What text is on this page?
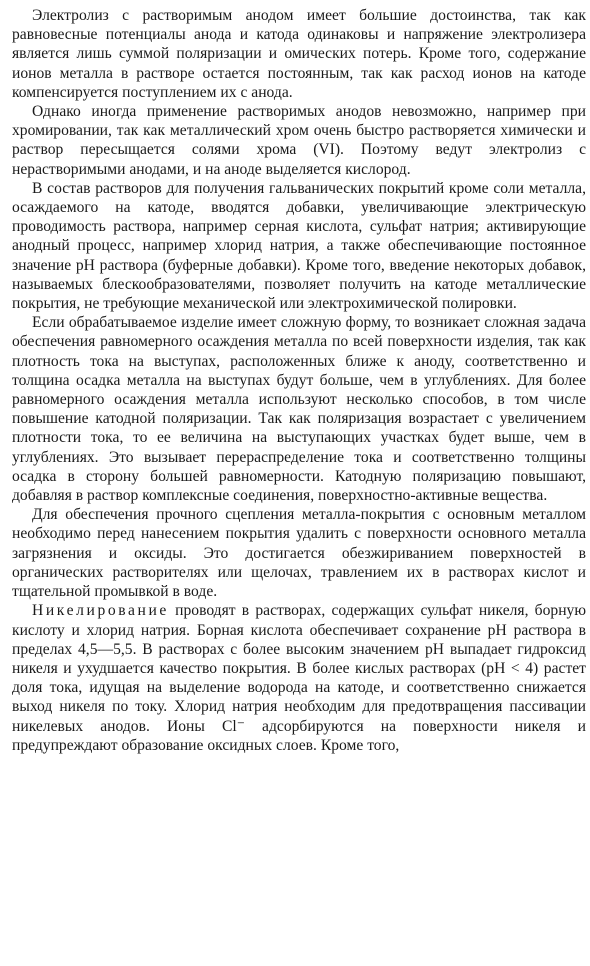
Электролиз с растворимым анодом имеет большие достоинства, так как равновесные потенциалы анода и катода одинаковы и напряжение электролизера является лишь суммой поляризации и омических потерь. Кроме того, содержание ионов металла в растворе остается постоянным, так как расход ионов на катоде компенсируется поступлением их с анода.

Однако иногда применение растворимых анодов невозможно, например при хромировании, так как металлический хром очень быстро растворяется химически и раствор пересыщается солями хрома (VI). Поэтому ведут электролиз с нерастворимыми анодами, и на аноде выделяется кислород.

В состав растворов для получения гальванических покрытий кроме соли металла, осаждаемого на катоде, вводятся добавки, увеличивающие электрическую проводимость раствора, например серная кислота, сульфат натрия; активирующие анодный процесс, например хлорид натрия, а также обеспечивающие постоянное значение pH раствора (буферные добавки). Кроме того, введение некоторых добавок, называемых блескообразователями, позволяет получить на катоде металлические покрытия, не требующие механической или электрохимической полировки.

Если обрабатываемое изделие имеет сложную форму, то возникает сложная задача обеспечения равномерного осаждения металла по всей поверхности изделия, так как плотность тока на выступах, расположенных ближе к аноду, соответственно и толщина осадка металла на выступах будут больше, чем в углублениях. Для более равномерного осаждения металла используют несколько способов, в том числе повышение катодной поляризации. Так как поляризация возрастает с увеличением плотности тока, то ее величина на выступающих участках будет выше, чем в углублениях. Это вызывает перераспределение тока и соответственно толщины осадка в сторону большей равномерности. Катодную поляризацию повышают, добавляя в раствор комплексные соединения, поверхностно-активные вещества.

Для обеспечения прочного сцепления металла-покрытия с основным металлом необходимо перед нанесением покрытия удалить с поверхности основного металла загрязнения и оксиды. Это достигается обезжириванием поверхностей в органических растворителях или щелочах, травлением их в растворах кислот и тщательной промывкой в воде.

Никелирование проводят в растворах, содержащих сульфат никеля, борную кислоту и хлорид натрия. Борная кислота обеспечивает сохранение pH раствора в пределах 4,5—5,5. В растворах с более высоким значением pH выпадает гидроксид никеля и ухудшается качество покрытия. В более кислых растворах (pH < 4) растет доля тока, идущая на выделение водорода на катоде, и соответственно снижается выход никеля по току. Хлорид натрия необходим для предотвращения пассивации никелевых анодов. Ионы Cl⁻ адсорбируются на поверхности никеля и предупреждают образование оксидных слоев. Кроме того,
